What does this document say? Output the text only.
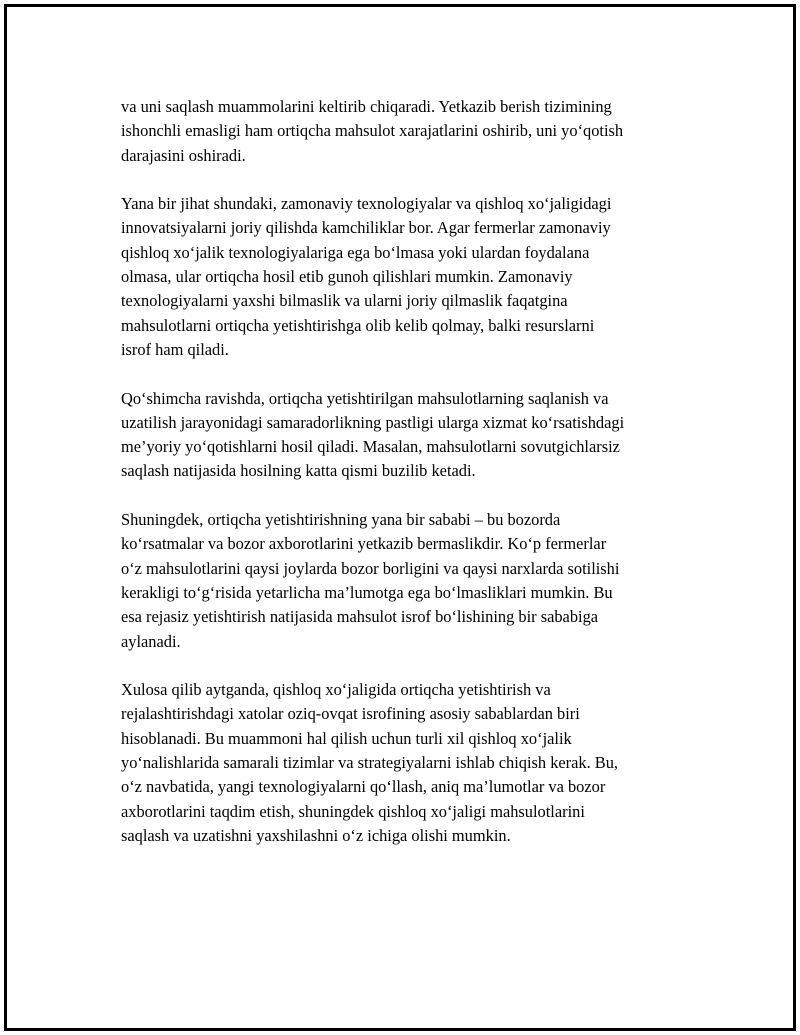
va uni saqlash muammolarini keltirib chiqaradi. Yetkazib berish tizimining
ishonchli emasligi ham ortiqcha mahsulot xarajatlarini oshirib, uni yo‘qotish
darajasini oshiradi.

Yana bir jihat shundaki, zamonaviy texnologiyalar va qishloq xo‘jaligidagi
innovatsiyalarni joriy qilishda kamchiliklar bor. Agar fermerlar zamonaviy
qishloq xo‘jalik texnologiyalariga ega bo‘lmasa yoki ulardan foydalana
olmasa, ular ortiqcha hosil etib gunoh qilishlari mumkin. Zamonaviy
texnologiyalarni yaxshi bilmaslik va ularni joriy qilmaslik faqatgina
mahsulotlarni ortiqcha yetishtirishga olib kelib qolmay, balki resurslarni
isrof ham qiladi.

Qo‘shimcha ravishda, ortiqcha yetishtirilgan mahsulotlarning saqlanish va
uzatilish jarayonidagi samaradorlikning pastligi ularga xizmat ko‘rsatishdagi
me’yoriy yo‘qotishlarni hosil qiladi. Masalan, mahsulotlarni sovutgichlarsiz
saqlash natijasida hosilning katta qismi buzilib ketadi.

Shuningdek, ortiqcha yetishtirishning yana bir sababi – bu bozorda
ko‘rsatmalar va bozor axborotlarini yetkazib bermaslikdir. Ko‘p fermerlar
o‘z mahsulotlarini qaysi joylarda bozor borligini va qaysi narxlarda sotilishi
kerakligi to‘g‘risida yetarlicha ma’lumotga ega bo‘lmasliklari mumkin. Bu
esa rejasiz yetishtirish natijasida mahsulot isrof bo‘lishining bir sababiga
aylanadi.

Xulosa qilib aytganda, qishloq xo‘jaligida ortiqcha yetishtirish va
rejalashtirishdagi xatolar oziq-ovqat isrofining asosiy sabablardan biri
hisoblanadi. Bu muammoni hal qilish uchun turli xil qishloq xo‘jalik
yo‘nalishlarida samarali tizimlar va strategiyalarni ishlab chiqish kerak. Bu,
o‘z navbatida, yangi texnologiyalarni qo‘llash, aniq ma’lumotlar va bozor
axborotlarini taqdim etish, shuningdek qishloq xo‘jaligi mahsulotlarini
saqlash va uzatishni yaxshilashni o‘z ichiga olishi mumkin.
